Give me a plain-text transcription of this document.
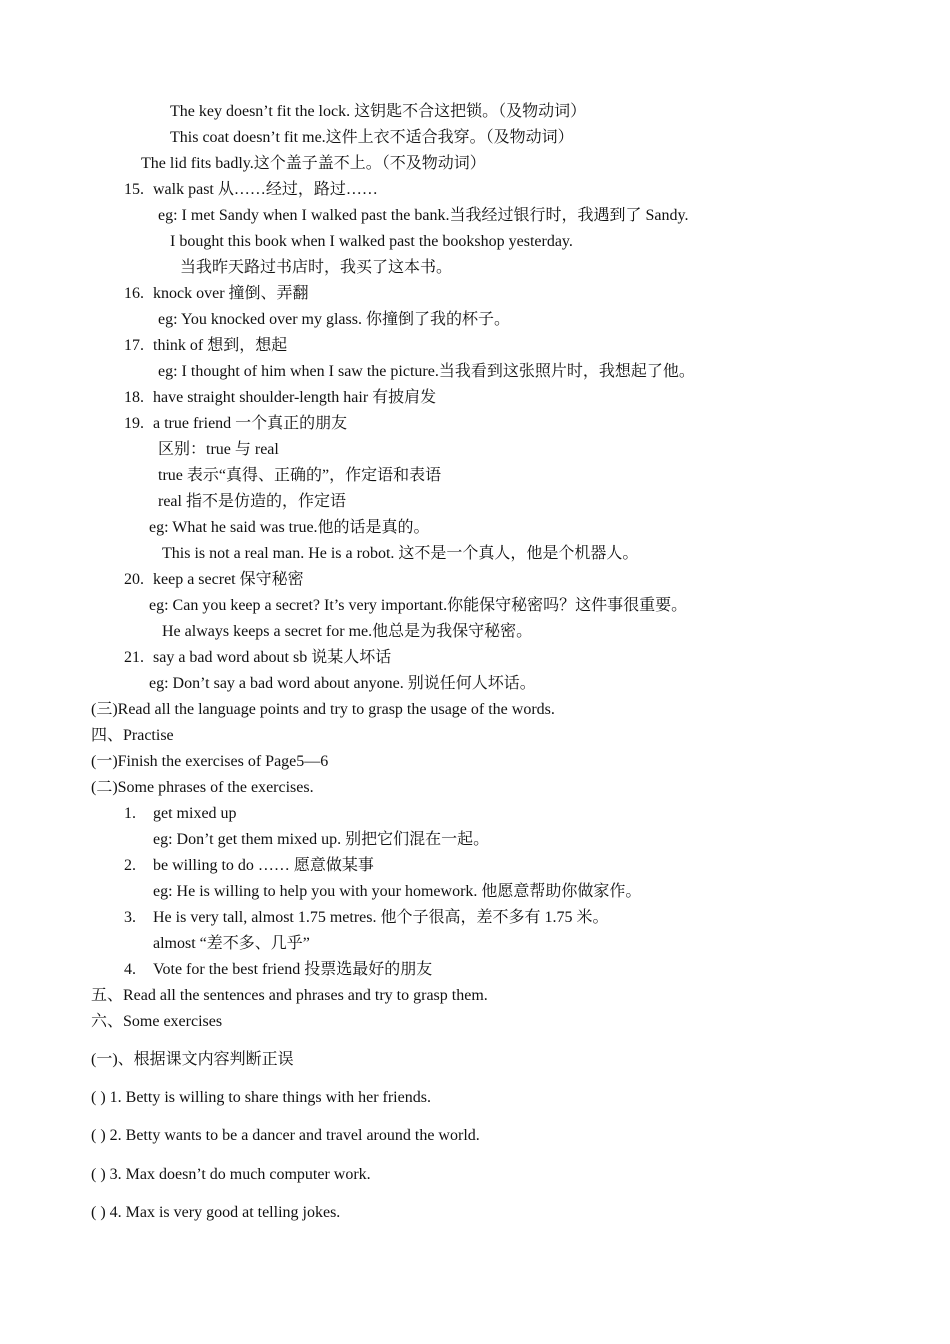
The key doesn’t fit the lock. 这钥匙不合这把锁。（及物动词）
This coat doesn’t fit me.这件上衣不适合我穿。（及物动词）
The lid fits badly.这个盖子盖不上。（不及物动词）
15. walk past 从……经过，路过……
eg: I met Sandy when I walked past the bank.当我经过银行时，我遇到了 Sandy.
I bought this book when I walked past the bookshop yesterday.
当我昨天路过书店时，我买了这本书。
16. knock over 撞倒、弄翻
eg: You knocked over my glass. 你撞倒了我的杯子。
17. think of 想到，想起
eg: I thought of him when I saw the picture.当我看到这张照片时，我想起了他。
18. have straight shoulder-length hair 有披肩发
19. a true friend 一个真正的朋友
区别：true 与 real
true 表示“真得、正确的”，作定语和表语
real 指不是仿造的，作定语
eg: What he said was true.他的话是真的。
This is not a real man. He is a robot. 这不是一个真人，他是个机器人。
20. keep a secret 保守秘密
eg: Can you keep a secret? It’s very important.你能保守秘密吗？这件事很重要。
He always keeps a secret for me.他总是为我保守秘密。
21. say a bad word about sb 说某人坏话
eg: Don’t say a bad word about anyone. 别说任何人坏话。
(三)Read all the language points and try to grasp the usage of the words.
四、Practise
(一)Finish the exercises of Page5—6
(二)Some phrases of the exercises.
1. get mixed up
eg: Don’t get them mixed up. 别把它们混在一起。
2. be willing to do …… 愿意做某事
eg: He is willing to help you with your homework. 他愿意帮助你做家作。
3. He is very tall, almost 1.75 metres. 他个子很高，差不多有 1.75 米。
almost “差不多、几乎”
4. Vote for the best friend 投票选最好的朋友
五、Read all the sentences and phrases and try to grasp them.
六、Some exercises
(一)、根据课文内容判断正误
( ) 1. Betty is willing to share things with her friends.
( ) 2. Betty wants to be a dancer and travel around the world.
( ) 3. Max doesn’t do much computer work.
( ) 4. Max is very good at telling jokes.
